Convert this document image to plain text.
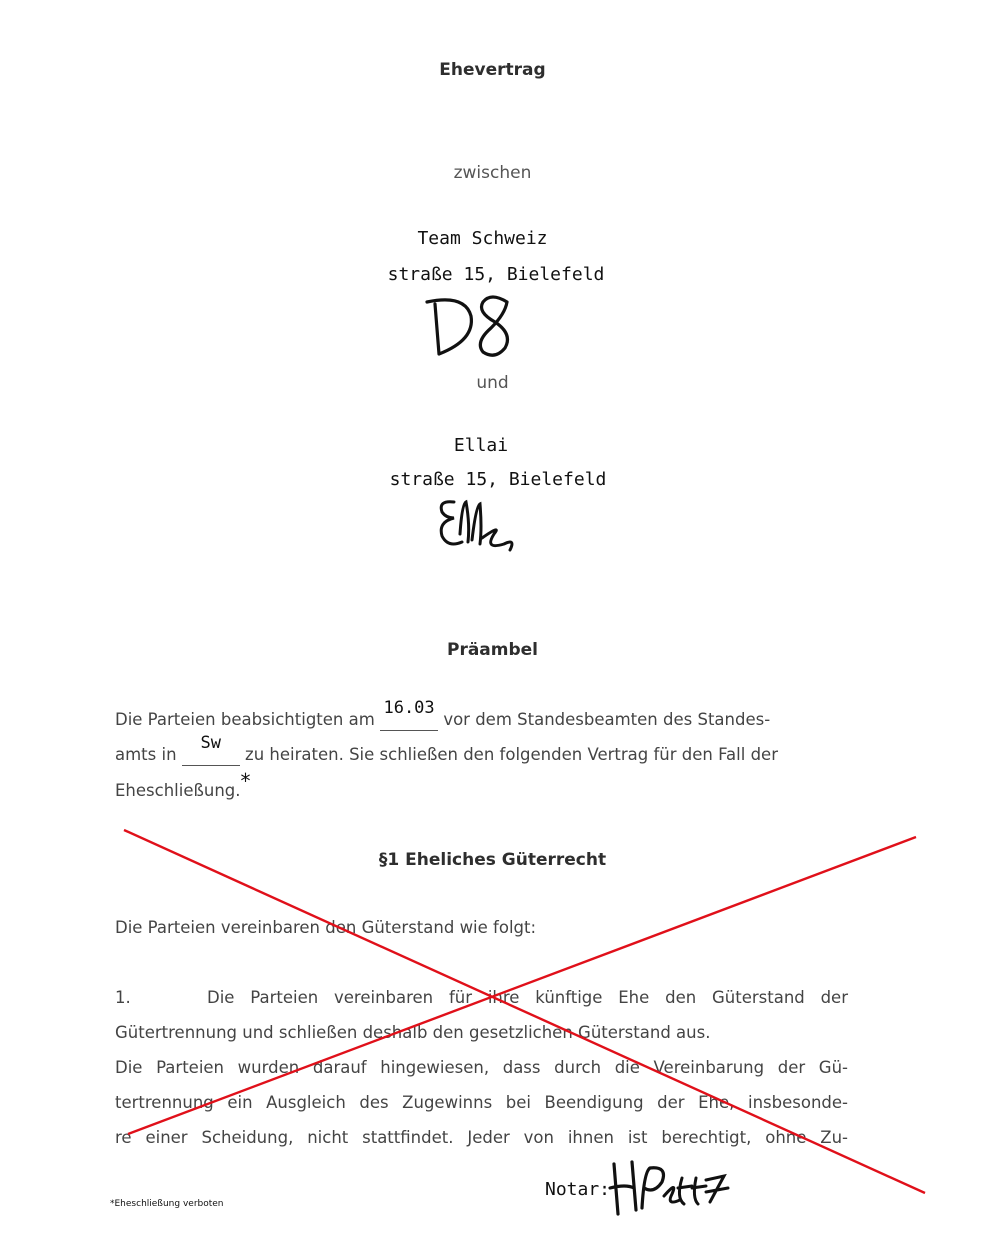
Ehevertrag
zwischen
Team Schweiz
straße 15, Bielefeld
und
Ellai
straße 15, Bielefeld
Präambel
Die Parteien beabsichtigten am 16.03 vor dem Standesbeamten des Standes-
amts in Sw zu heiraten. Sie schließen den folgenden Vertrag für den Fall der
Eheschließung.*
§1 Eheliches Güterrecht
Die Parteien vereinbaren den Güterstand wie folgt:
1.	Die Parteien vereinbaren für ihre künftige Ehe den Güterstand der
Gütertrennung und schließen deshalb den gesetzlichen Güterstand aus.
Die Parteien wurden darauf hingewiesen, dass durch die Vereinbarung der Gü-
tertrennung ein Ausgleich des Zugewinns bei Beendigung der Ehe, insbesonde-
re einer Scheidung, nicht stattfindet. Jeder von ihnen ist berechtigt, ohne Zu-
*Eheschließung verboten
Notar:
